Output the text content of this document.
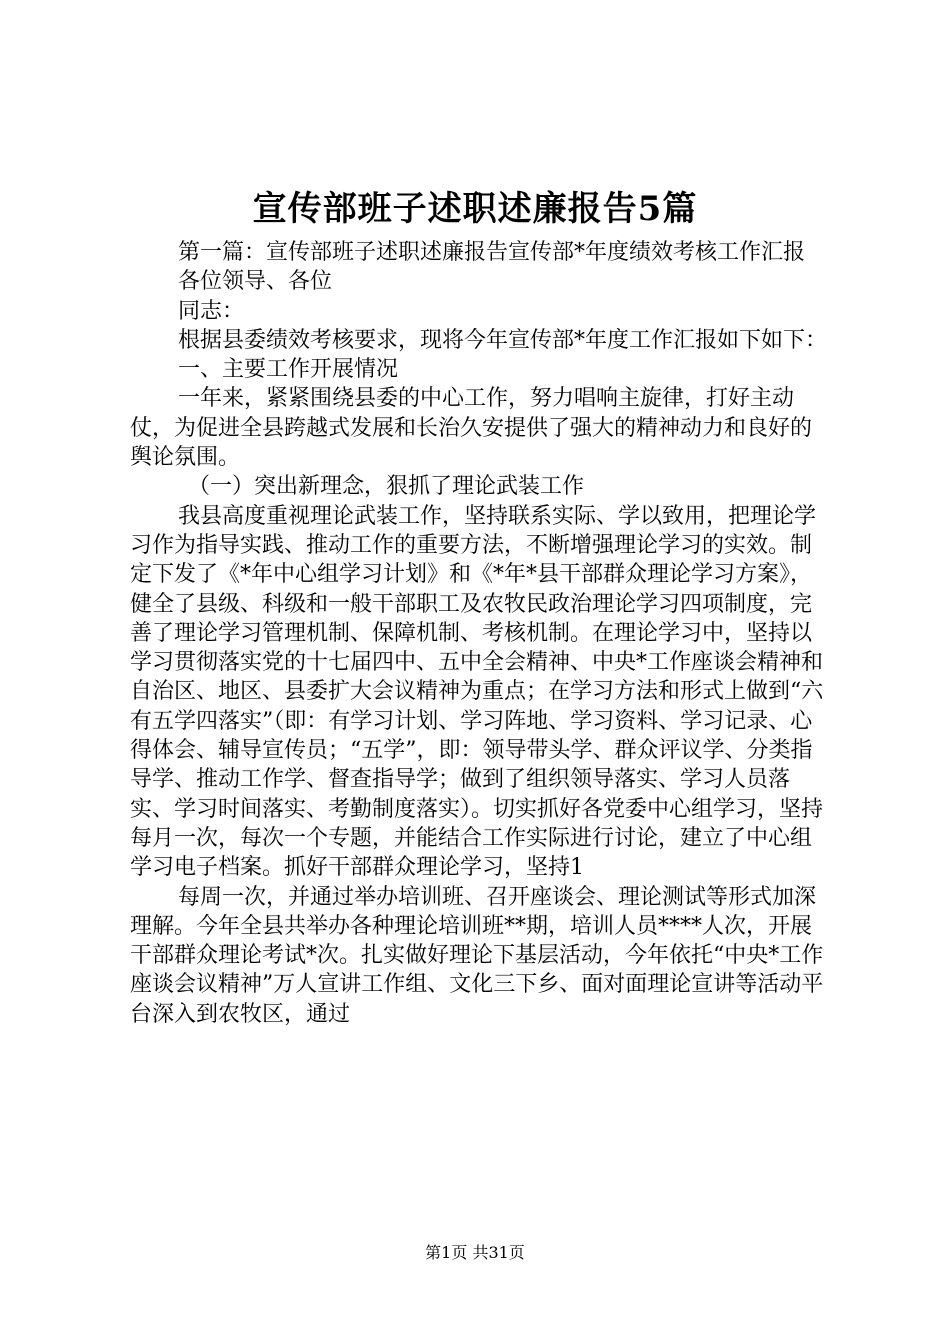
宣传部班子述职述廉报告5篇

第一篇：宣传部班子述职述廉报告宣传部*年度绩效考核工作汇报

各位领导、各位

同志：

根据县委绩效考核要求，现将今年宣传部*年度工作汇报如下如下：

一、主要工作开展情况

一年来，紧紧围绕县委的中心工作，努力唱响主旋律，打好主动仗，为促进全县跨越式发展和长治久安提供了强大的精神动力和良好的舆论氛围。

（一）突出新理念，狠抓了理论武装工作

我县高度重视理论武装工作，坚持联系实际、学以致用，把理论学习作为指导实践、推动工作的重要方法，不断增强理论学习的实效。制定下发了《*年中心组学习计划》和《*年*县干部群众理论学习方案》，健全了县级、科级和一般干部职工及农牧民政治理论学习四项制度，完善了理论学习管理机制、保障机制、考核机制。在理论学习中，坚持以学习贯彻落实党的十七届四中、五中全会精神、中央*工作座谈会精神和自治区、地区、县委扩大会议精神为重点；在学习方法和形式上做到“六有五学四落实”（即：有学习计划、学习阵地、学习资料、学习记录、心得体会、辅导宣传员；“五学”，即：领导带头学、群众评议学、分类指导学、推动工作学、督查指导学；做到了组织领导落实、学习人员落实、学习时间落实、考勤制度落实）。切实抓好各党委中心组学习，坚持每月一次，每次一个专题，并能结合工作实际进行讨论，建立了中心组学习电子档案。抓好干部群众理论学习，坚持1

每周一次，并通过举办培训班、召开座谈会、理论测试等形式加深理解。今年全县共举办各种理论培训班**期，培训人员****人次，开展干部群众理论考试*次。扎实做好理论下基层活动，今年依托“中央*工作座谈会议精神”万人宣讲工作组、文化三下乡、面对面理论宣讲等活动平台深入到农牧区，通过

第1页 共31页
